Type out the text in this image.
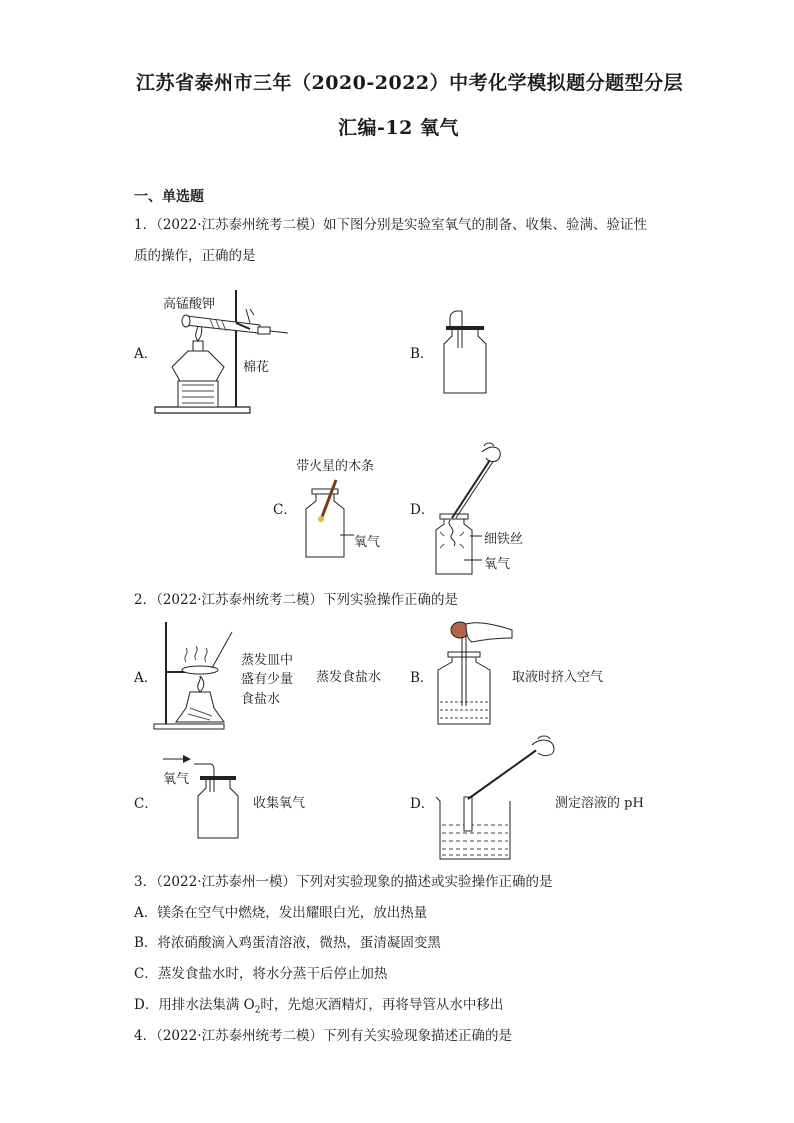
江苏省泰州市三年（2020-2022）中考化学模拟题分题型分层
汇编-12 氧气
一、单选题
1．（2022·江苏泰州统考二模）如下图分别是实验室氧气的制备、收集、验满、验证性
质的操作，正确的是
A．
高锰酸钾
棉花
B．
带火星的木条
C．
氧气
D．
细铁丝
氧气
2．（2022·江苏泰州统考二模）下列实验操作正确的是
A．
蒸发皿中
盛有少量
食盐水
蒸发食盐水 B．	取液时挤入空气
氧气
C．	收集氧气	D．	测定溶液的 pH
3．（2022·江苏泰州一模）下列对实验现象的描述或实验操作正确的是
A．镁条在空气中燃烧，发出耀眼白光，放出热量
B．将浓硝酸滴入鸡蛋清溶液，微热，蛋清凝固变黑
C．蒸发食盐水时，将水分蒸干后停止加热
D．用排水法集满 $O_2$时，先熄灭酒精灯，再将导管从水中移出
4．（2022·江苏泰州统考二模）下列有关实验现象描述正确的是
